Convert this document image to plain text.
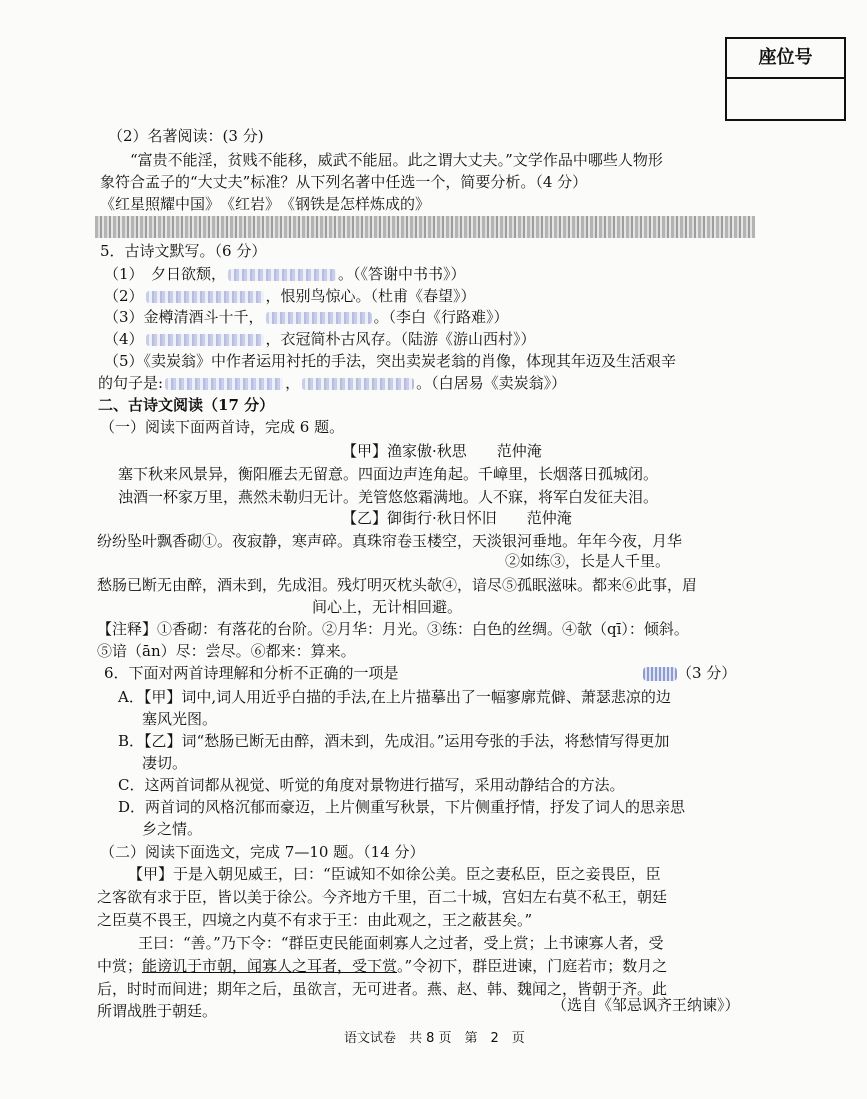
座位号
（2）名著阅读：(3 分)
“富贵不能淫，贫贱不能移，威武不能屈。此之谓大丈夫。”文学作品中哪些人物形
象符合孟子的“大丈夫”标准？从下列名著中任选一个，简要分析。（4 分）
《红星照耀中国》　《红岩》　《钢铁是怎样炼成的》
5．古诗文默写。（6 分）
（1）　夕日欲颓，	。（《答谢中书书》）
（2）	，恨别鸟惊心。（杜甫《春望》）
（3）金樽清酒斗十千，	。（李白《行路难》）
（4）	，衣冠简朴古风存。（陆游《游山西村》）
（5）《卖炭翁》中作者运用衬托的手法，突出卖炭老翁的肖像，体现其年迈及生活艰辛
的句子是:	，	。（白居易《卖炭翁》）
二、古诗文阅读（17 分）
（一）阅读下面两首诗，完成 6 题。
【甲】渔家傲·秋思　　范仲淹
塞下秋来风景异，衡阳雁去无留意。四面边声连角起。千嶂里，长烟落日孤城闭。
浊酒一杯家万里，燕然未勒归无计。羌管悠悠霜满地。人不寐，将军白发征夫泪。
【乙】御街行·秋日怀旧　　范仲淹
纷纷坠叶飘香砌①。夜寂静，寒声碎。真珠帘卷玉楼空，天淡银河垂地。年年今夜，月华
②如练③，长是人千里。
愁肠已断无由醉，酒未到，先成泪。残灯明灭枕头欹④，谙尽⑤孤眠滋味。都来⑥此事，眉
间心上，无计相回避。
【注释】①香砌：有落花的台阶。②月华：月光。③练：白色的丝绸。④欹（qī）：倾斜。
⑤谙（ān）尽：尝尽。⑥都来：算来。
6．下面对两首诗理解和分析不正确的一项是	（3 分）
A．【甲】词中,词人用近乎白描的手法,在上片描摹出了一幅寥廓荒僻、萧瑟悲凉的边
塞风光图。
B．【乙】词“愁肠已断无由醉，酒未到，先成泪。”运用夸张的手法，将愁情写得更加
凄切。
C．这两首词都从视觉、听觉的角度对景物进行描写，采用动静结合的方法。
D．两首词的风格沉郁而豪迈，上片侧重写秋景，下片侧重抒情，抒发了词人的思亲思
乡之情。
（二）阅读下面选文，完成 7—10 题。（14 分）
【甲】于是入朝见威王，曰：“臣诚知不如徐公美。臣之妻私臣，臣之妾畏臣，臣
之客欲有求于臣，皆以美于徐公。今齐地方千里，百二十城，宫妇左右莫不私王，朝廷
之臣莫不畏王，四境之内莫不有求于王：由此观之，王之蔽甚矣。”
王曰：“善。”乃下令：“群臣吏民能面刺寡人之过者，受上赏；上书谏寡人者，受
中赏；能谤讥于市朝，闻寡人之耳者，受下赏。”令初下，群臣进谏，门庭若市；数月之
后，时时而间进；期年之后，虽欲言，无可进者。燕、赵、韩、魏闻之，皆朝于齐。此
所谓战胜于朝廷。	（选自《邹忌讽齐王纳谏》）
语文试卷　共 8 页　第　2　页
